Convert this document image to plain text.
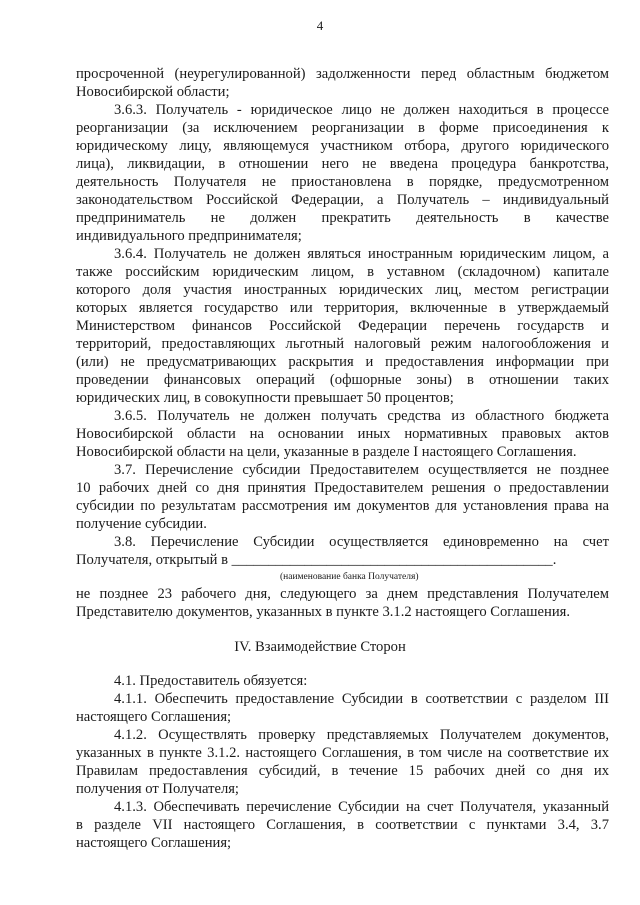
4
просроченной (неурегулированной) задолженности перед областным бюджетом
Новосибирской области;
3.6.3. Получатель - юридическое лицо не должен находиться в процессе
реорганизации (за исключением реорганизации в форме присоединения к
юридическому лицу, являющемуся участником отбора, другого юридического
лица), ликвидации, в отношении него не введена процедура банкротства,
деятельность Получателя не приостановлена в порядке, предусмотренном
законодательством Российской Федерации, а Получатель – индивидуальный
предприниматель не должен прекратить деятельность в качестве
индивидуального предпринимателя;
3.6.4. Получатель не должен являться иностранным юридическим лицом, а
также российским юридическим лицом, в уставном (складочном) капитале
которого доля участия иностранных юридических лиц, местом регистрации
которых является государство или территория, включенные в утверждаемый
Министерством финансов Российской Федерации перечень государств и
территорий, предоставляющих льготный налоговый режим налогообложения и
(или) не предусматривающих раскрытия и предоставления информации при
проведении финансовых операций (офшорные зоны) в отношении таких
юридических лиц, в совокупности превышает 50 процентов;
3.6.5. Получатель не должен получать средства из областного бюджета
Новосибирской области на основании иных нормативных правовых актов
Новосибирской области на цели, указанные в разделе I настоящего Соглашения.
3.7. Перечисление субсидии Предоставителем осуществляется не позднее
10 рабочих дней со дня принятия Предоставителем решения о предоставлении
субсидии по результатам рассмотрения им документов для установления права на
получение субсидии.
3.8. Перечисление Субсидии осуществляется единовременно на счет
Получателя, открытый в ____________________________________________.
(наименование банка Получателя)
не позднее 23 рабочего дня, следующего за днем представления Получателем
Представителю документов, указанных в пункте 3.1.2 настоящего Соглашения.
IV. Взаимодействие Сторон
4.1. Предоставитель обязуется:
4.1.1. Обеспечить предоставление Субсидии в соответствии с разделом III
настоящего Соглашения;
4.1.2. Осуществлять проверку представляемых Получателем документов,
указанных в пункте 3.1.2. настоящего Соглашения, в том числе на соответствие их
Правилам предоставления субсидий, в течение 15 рабочих дней со дня их
получения от Получателя;
4.1.3. Обеспечивать перечисление Субсидии на счет Получателя, указанный
в разделе VII настоящего Соглашения, в соответствии с пунктами 3.4, 3.7
настоящего Соглашения;
